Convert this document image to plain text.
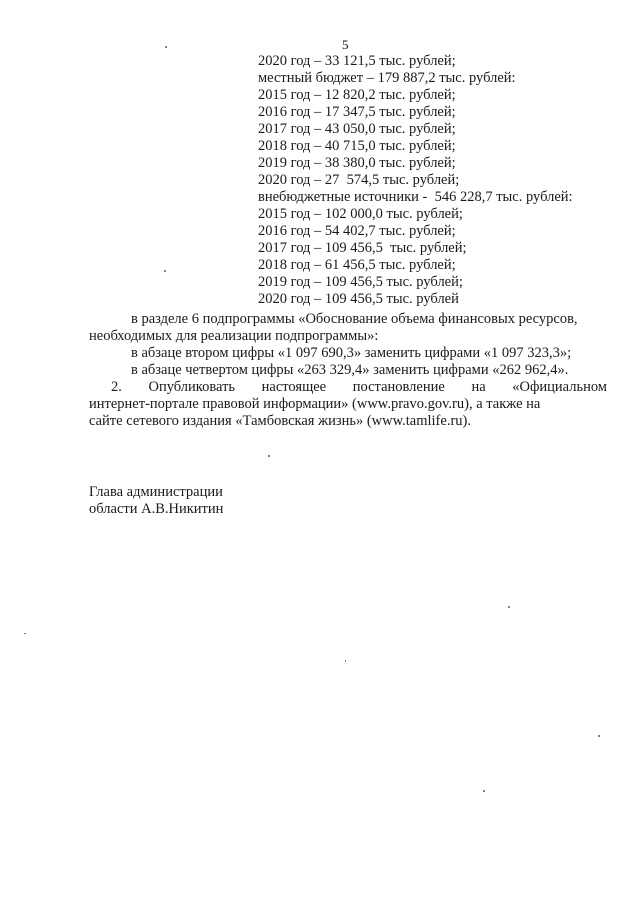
5
2020 год – 33 121,5 тыс. рублей;
местный бюджет – 179 887,2 тыс. рублей:
2015 год – 12 820,2 тыс. рублей;
2016 год – 17 347,5 тыс. рублей;
2017 год – 43 050,0 тыс. рублей;
2018 год – 40 715,0 тыс. рублей;
2019 год – 38 380,0 тыс. рублей;
2020 год – 27  574,5 тыс. рублей;
внебюджетные источники -  546 228,7 тыс. рублей:
2015 год – 102 000,0 тыс. рублей;
2016 год – 54 402,7 тыс. рублей;
2017 год – 109 456,5  тыс. рублей;
2018 год – 61 456,5 тыс. рублей;
2019 год – 109 456,5 тыс. рублей;
2020 год – 109 456,5 тыс. рублей
в разделе 6 подпрограммы «Обоснование объема финансовых ресурсов,
необходимых для реализации подпрограммы»:
в абзаце втором цифры «1 097 690,3» заменить цифрами «1 097 323,3»;
в абзаце четвертом цифры «263 329,4» заменить цифрами «262 962,4».
2. Опубликовать настоящее постановление на «Официальном
интернет-портале правовой информации» (www.pravo.gov.ru), а также на
сайте сетевого издания «Тамбовская жизнь» (www.tamlife.ru).
Глава администрации
области А.В.Никитин
